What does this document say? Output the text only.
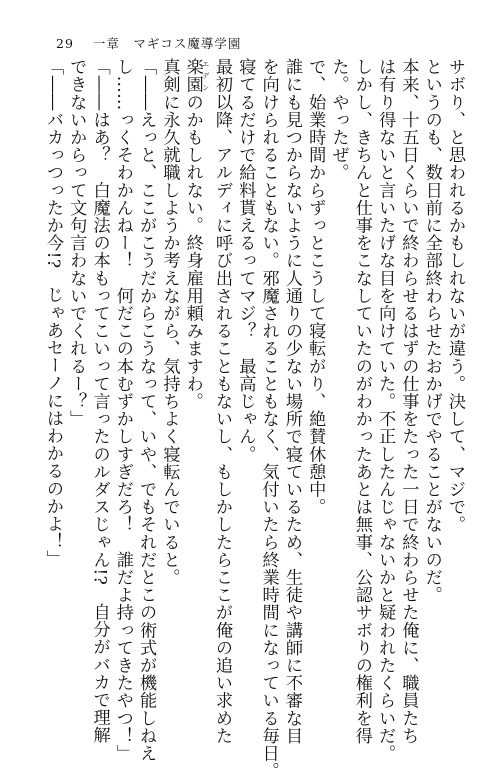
29 一章　マギコス魔導学園

サボり、と思われるかもしれないが違う。決して、マジで。

というのも、数日前に全部終わらせたおかげでやることがないのだ。

本来、十五日くらいで終わらせるはずの仕事をたった一日で終わらせた俺に、職員たち

は有り得ないと言いたげな目を向けていた。不正したんじゃないかと疑われたくらいだ。

しかし、きちんと仕事をこなしていたのがわかったあとは無事、公認サボりの権利を得

た。やったぜ。

で、始業時間からずっとこうして寝転がり、絶賛休憩中。

誰にも見つからないように人通りの少ない場所で寝ているため、生徒や講師に不審な目

を向けられることもない。邪魔されることもなく、気付いたら終業時間になっている毎日。

寝てるだけで給料貰えるってマジ？　最高じゃん。

最初以降、アルディに呼び出されることもないし、もしかしたらここが俺の追い求めた

楽園 エデンのかもしれない。終身雇用頼みますわ。

真剣に永久就職しようか考えながら、気持ちよく寝転んでいると。

「――えっと、ここがこうだからこうなって、いや、でもそれだとこの術式が機能しねえ

し……っくそわかんねー！　何だこの本むずかしすぎだろ！　誰だよ持ってきたやつ！」

「――はあ？　白魔法の本もってこいって言ったのルダスじゃん!?　自分がバカで理解

できないからって文句言わないでくれるー？」

「――バカっつったか今!?　じゃあセーノにはわかるのかよ！」
